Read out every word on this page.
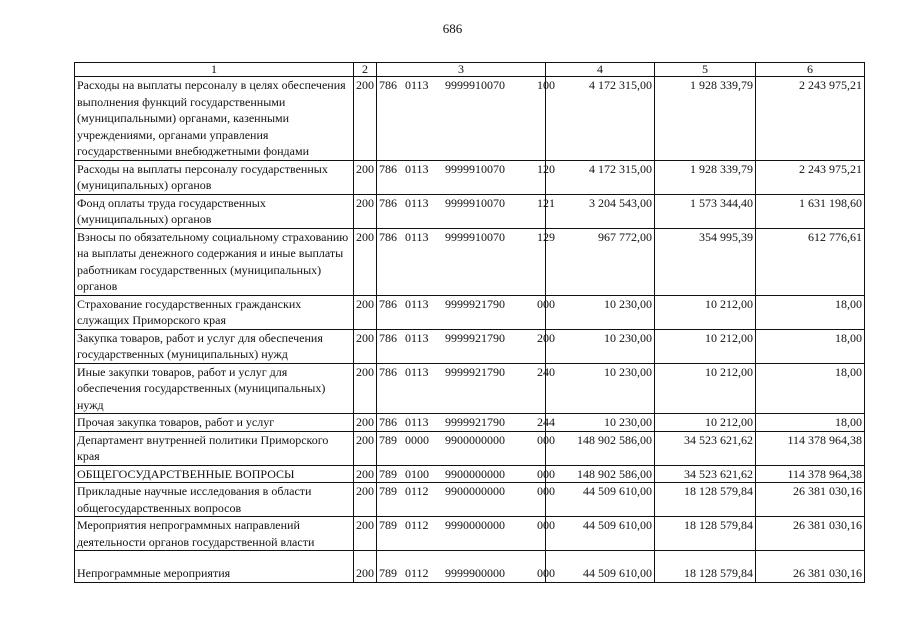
686
1	2	3	4	5	6
Расходы на выплаты персоналу в целях обеспечения выполнения функций государственными (муниципальными) органами, казенными учреждениями, органами управления государственными внебюджетными фондами	200	786 0113 9999910070 100	4 172 315,00	1 928 339,79	2 243 975,21
Расходы на выплаты персоналу государственных (муниципальных) органов	200	786 0113 9999910070 120	4 172 315,00	1 928 339,79	2 243 975,21
Фонд оплаты труда государственных (муниципальных) органов	200	786 0113 9999910070 121	3 204 543,00	1 573 344,40	1 631 198,60
Взносы по обязательному социальному страхованию на выплаты денежного содержания и иные выплаты работникам государственных (муниципальных) органов	200	786 0113 9999910070 129	967 772,00	354 995,39	612 776,61
Страхование государственных гражданских служащих Приморского края	200	786 0113 9999921790 000	10 230,00	10 212,00	18,00
Закупка товаров, работ и услуг для обеспечения государственных (муниципальных) нужд	200	786 0113 9999921790 200	10 230,00	10 212,00	18,00
Иные закупки товаров, работ и услуг для обеспечения государственных (муниципальных) нужд	200	786 0113 9999921790 240	10 230,00	10 212,00	18,00
Прочая закупка товаров, работ и услуг	200	786 0113 9999921790 244	10 230,00	10 212,00	18,00
Департамент внутренней политики Приморского края	200	789 0000 9900000000 000	148 902 586,00	34 523 621,62	114 378 964,38
ОБЩЕГОСУДАРСТВЕННЫЕ ВОПРОСЫ	200	789 0100 9900000000 000	148 902 586,00	34 523 621,62	114 378 964,38
Прикладные научные исследования в области общегосударственных вопросов	200	789 0112 9900000000 000	44 509 610,00	18 128 579,84	26 381 030,16
Мероприятия непрограммных направлений деятельности органов государственной власти	200	789 0112 9990000000 000	44 509 610,00	18 128 579,84	26 381 030,16
Непрограммные мероприятия	200	789 0112 9999900000 000	44 509 610,00	18 128 579,84	26 381 030,16
